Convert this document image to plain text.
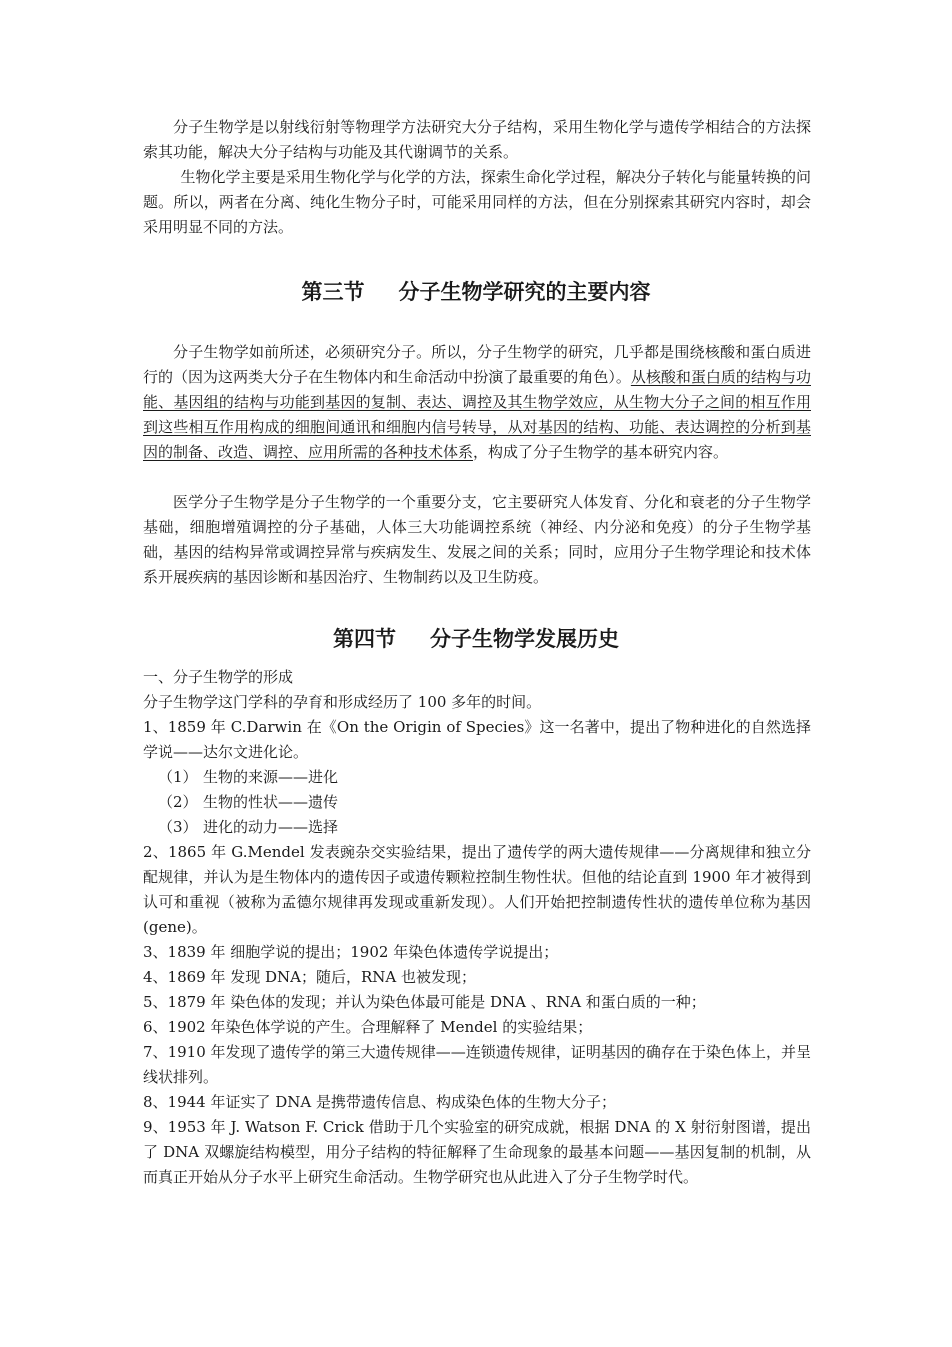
分子生物学是以射线衍射等物理学方法研究大分子结构，采用生物化学与遗传学相结合的方法探索其功能，解决大分子结构与功能及其代谢调节的关系。

生物化学主要是采用生物化学与化学的方法，探索生命化学过程，解决分子转化与能量转换的问题。所以，两者在分离、纯化生物分子时，可能采用同样的方法，但在分别探索其研究内容时，却会采用明显不同的方法。

第三节 分子生物学研究的主要内容

分子生物学如前所述，必须研究分子。所以，分子生物学的研究，几乎都是围绕核酸和蛋白质进行的（因为这两类大分子在生物体内和生命活动中扮演了最重要的角色）。从核酸和蛋白质的结构与功能、基因组的结构与功能到基因的复制、表达、调控及其生物学效应，从生物大分子之间的相互作用到这些相互作用构成的细胞间通讯和细胞内信号转导，从对基因的结构、功能、表达调控的分析到基因的制备、改造、调控、应用所需的各种技术体系，构成了分子生物学的基本研究内容。

医学分子生物学是分子生物学的一个重要分支，它主要研究人体发育、分化和衰老的分子生物学基础，细胞增殖调控的分子基础，人体三大功能调控系统（神经、内分泌和免疫）的分子生物学基础，基因的结构异常或调控异常与疾病发生、发展之间的关系；同时，应用分子生物学理论和技术体系开展疾病的基因诊断和基因治疗、生物制药以及卫生防疫。

第四节 分子生物学发展历史

一、分子生物学的形成

分子生物学这门学科的孕育和形成经历了 100 多年的时间。

1、1859 年 C.Darwin 在《On the Origin of Species》这一名著中，提出了物种进化的自然选择学说——达尔文进化论。

（1） 生物的来源——进化

（2） 生物的性状——遗传

（3） 进化的动力——选择

2、1865 年 G.Mendel 发表豌杂交实验结果，提出了遗传学的两大遗传规律——分离规律和独立分配规律，并认为是生物体内的遗传因子或遗传颗粒控制生物性状。但他的结论直到 1900 年才被得到认可和重视（被称为孟德尔规律再发现或重新发现）。人们开始把控制遗传性状的遗传单位称为基因(gene)。

3、1839 年 细胞学说的提出；1902 年染色体遗传学说提出；

4、1869 年 发现 DNA；随后，RNA 也被发现；

5、1879 年 染色体的发现；并认为染色体最可能是 DNA 、RNA 和蛋白质的一种；

6、1902 年染色体学说的产生。合理解释了 Mendel 的实验结果；

7、1910 年发现了遗传学的第三大遗传规律——连锁遗传规律，证明基因的确存在于染色体上，并呈线状排列。

8、1944 年证实了 DNA 是携带遗传信息、构成染色体的生物大分子；

9、1953 年 J. Watson F. Crick 借助于几个实验室的研究成就，根据 DNA 的 X 射衍射图谱，提出了 DNA 双螺旋结构模型，用分子结构的特征解释了生命现象的最基本问题——基因复制的机制，从而真正开始从分子水平上研究生命活动。生物学研究也从此进入了分子生物学时代。
